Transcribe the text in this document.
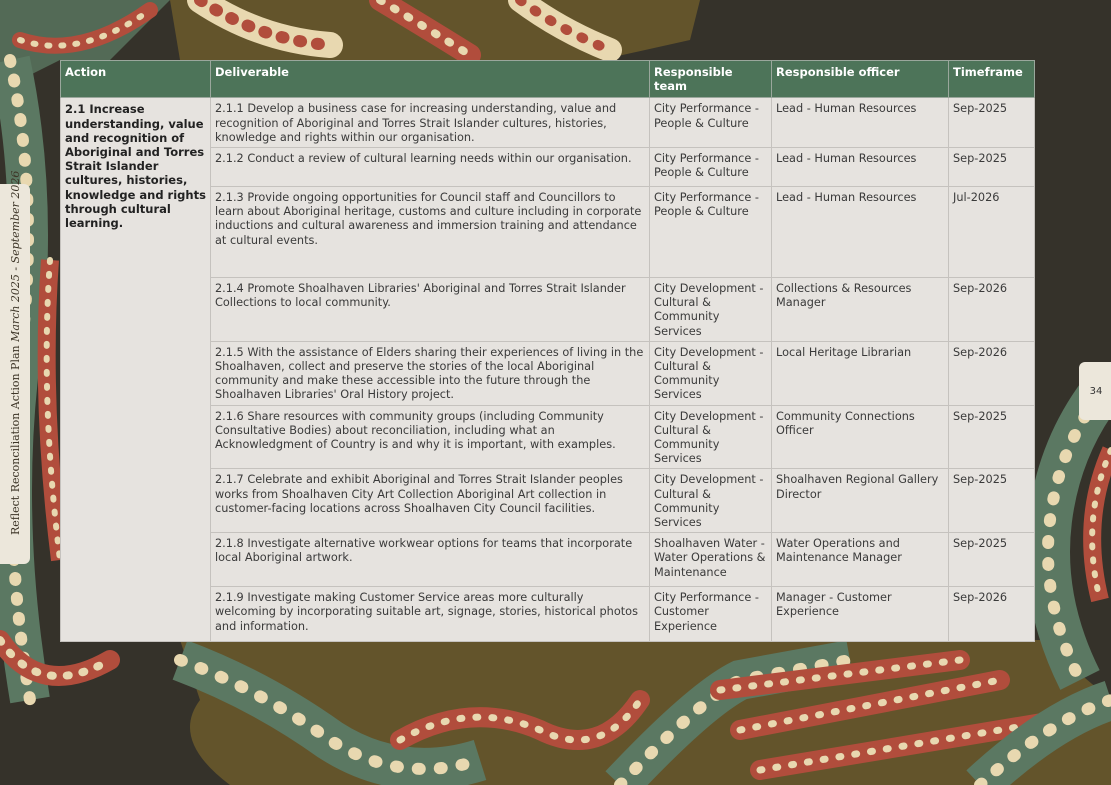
Reflect Reconciliation Action Plan March 2025 - September 2026
34
Action	Deliverable	Responsible team	Responsible officer	Timeframe
2.1 Increase understanding, value and recognition of Aboriginal and Torres Strait Islander cultures, histories, knowledge and rights through cultural learning.	2.1.1 Develop a business case for increasing understanding, value and recognition of Aboriginal and Torres Strait Islander cultures, histories, knowledge and rights within our organisation.	City Performance - People & Culture	Lead - Human Resources	Sep-2025
	2.1.2 Conduct a review of cultural learning needs within our organisation.	City Performance - People & Culture	Lead - Human Resources	Sep-2025
	2.1.3 Provide ongoing opportunities for Council staff and Councillors to learn about Aboriginal heritage, customs and culture including in corporate inductions and cultural awareness and immersion training and attendance at cultural events.	City Performance - People & Culture	Lead - Human Resources	Jul-2026
	2.1.4 Promote Shoalhaven Libraries' Aboriginal and Torres Strait Islander Collections to local community.	City Development - Cultural & Community Services	Collections & Resources Manager	Sep-2026
	2.1.5 With the assistance of Elders sharing their experiences of living in the Shoalhaven, collect and preserve the stories of the local Aboriginal community and make these accessible into the future through the Shoalhaven Libraries' Oral History project.	City Development - Cultural & Community Services	Local Heritage Librarian	Sep-2026
	2.1.6 Share resources with community groups (including Community Consultative Bodies) about reconciliation, including what an Acknowledgment of Country is and why it is important, with examples.	City Development - Cultural & Community Services	Community Connections Officer	Sep-2025
	2.1.7 Celebrate and exhibit Aboriginal and Torres Strait Islander peoples works from Shoalhaven City Art Collection Aboriginal Art collection in customer-facing locations across Shoalhaven City Council facilities.	City Development - Cultural & Community Services	Shoalhaven Regional Gallery Director	Sep-2025
	2.1.8 Investigate alternative workwear options for teams that incorporate local Aboriginal artwork.	Shoalhaven Water - Water Operations & Maintenance	Water Operations and Maintenance Manager	Sep-2025
	2.1.9 Investigate making Customer Service areas more culturally welcoming by incorporating suitable art, signage, stories, historical photos and information.	City Performance - Customer Experience	Manager - Customer Experience	Sep-2026
